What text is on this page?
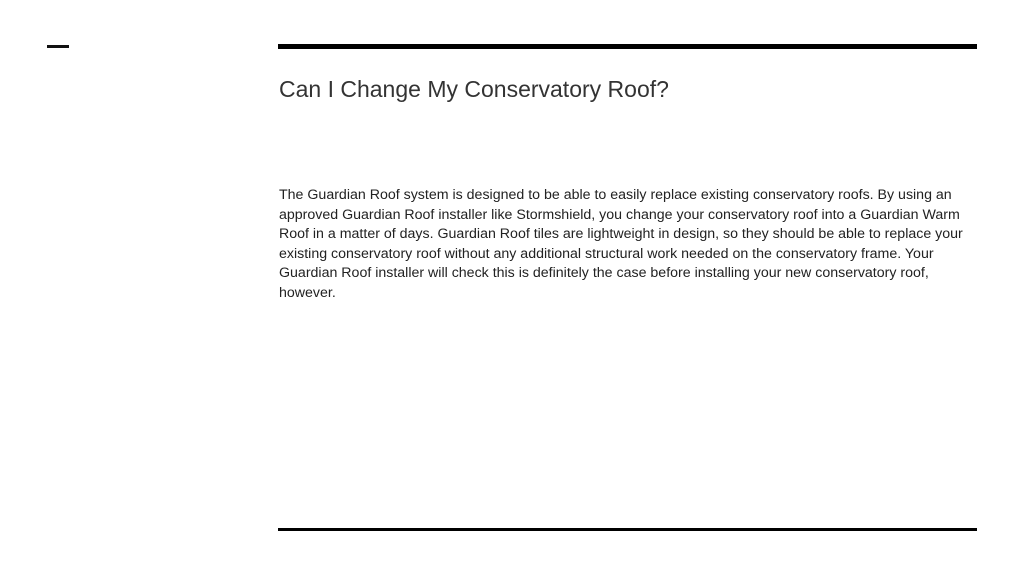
Can I Change My Conservatory Roof?

The Guardian Roof system is designed to be able to easily replace existing conservatory roofs. By using an approved Guardian Roof installer like Stormshield, you change your conservatory roof into a Guardian Warm Roof in a matter of days. Guardian Roof tiles are lightweight in design, so they should be able to replace your existing conservatory roof without any additional structural work needed on the conservatory frame. Your Guardian Roof installer will check this is definitely the case before installing your new conservatory roof, however.
